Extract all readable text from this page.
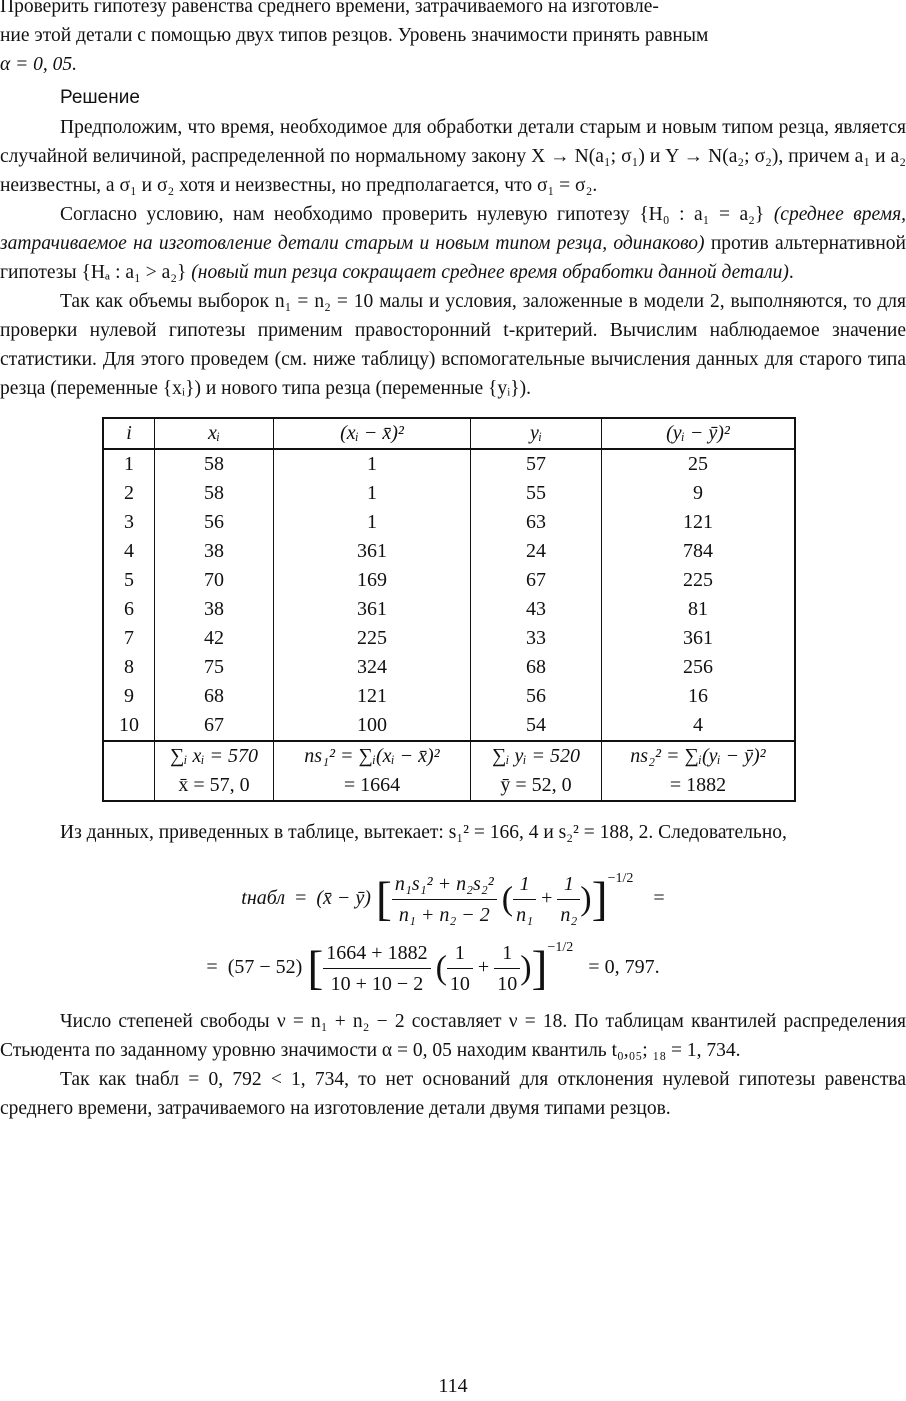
Проверить гипотезу равенства среднего времени, затрачиваемого на изготовле-

ние этой детали с помощью двух типов резцов. Уровень значимости принять равным

α = 0, 05.

Решение

Предположим, что время, необходимое для обработки детали старым и новым типом резца, является случайной величиной, распределенной по нормальному закону X → N(a₁; σ₁) и Y → N(a₂; σ₂), причем a₁ и a₂ неизвестны, а σ₁ и σ₂ хотя и неизвестны, но предполагается, что σ₁ = σ₂.

Согласно условию, нам необходимо проверить нулевую гипотезу {H₀ : a₁ = a₂} (среднее время, затрачиваемое на изготовление детали старым и новым типом резца, одинаково) против альтернативной гипотезы {Hₐ : a₁ > a₂} (новый тип резца сокращает среднее время обработки данной детали).

Так как объемы выборок n₁ = n₂ = 10 малы и условия, заложенные в модели 2, выполняются, то для проверки нулевой гипотезы применим правосторонний t-критерий. Вычислим наблюдаемое значение статистики. Для этого проведем (см. ниже таблицу) вспомогательные вычисления данных для старого типа резца (переменные {xᵢ}) и нового типа резца (переменные {yᵢ}).

i	xᵢ	(xᵢ − x̄)²	yᵢ	(yᵢ − ȳ)²
1	58	1	57	25
2	58	1	55	9
3	56	1	63	121
4	38	361	24	784
5	70	169	67	225
6	38	361	43	81
7	42	225	33	361
8	75	324	68	256
9	68	121	56	16
10	67	100	54	4
	∑ᵢ xᵢ = 570	ns₁² = ∑ᵢ(xᵢ − x̄)²	∑ᵢ yᵢ = 520	ns₂² = ∑ᵢ(yᵢ − ȳ)²
	x̄ = 57, 0	= 1664	ȳ = 52, 0	= 1882

Из данных, приведенных в таблице, вытекает: s₁² = 166, 4 и s₂² = 188, 2. Следовательно,

tнабл = (x̄ − ȳ) [ $\frac{\text{n₁s₁² + n₂s₂²}}{\text{n₁ + n₂ − 2}}$ ( $\frac{1}{\text{n₁}} + \frac{1}{\text{n₂}} )]^{-1/2}$    =
= (57 − 52) [ $\frac{1664 + 1882}{10 + 10 - 2}$ ( $\frac{1}{10} + \frac{1}{10} )]^{-1/2} = 0$, 797.

Число степеней свободы ν = n₁ + n₂ − 2 составляет ν = 18. По таблицам квантилей распределения Стьюдента по заданному уровню значимости α = 0, 05 находим квантиль t₀,₀₅; ₁₈ = 1, 734.

Так как tнабл = 0, 792 < 1, 734, то нет оснований для отклонения нулевой гипотезы равенства среднего времени, затрачиваемого на изготовление детали двумя типами резцов.

114
